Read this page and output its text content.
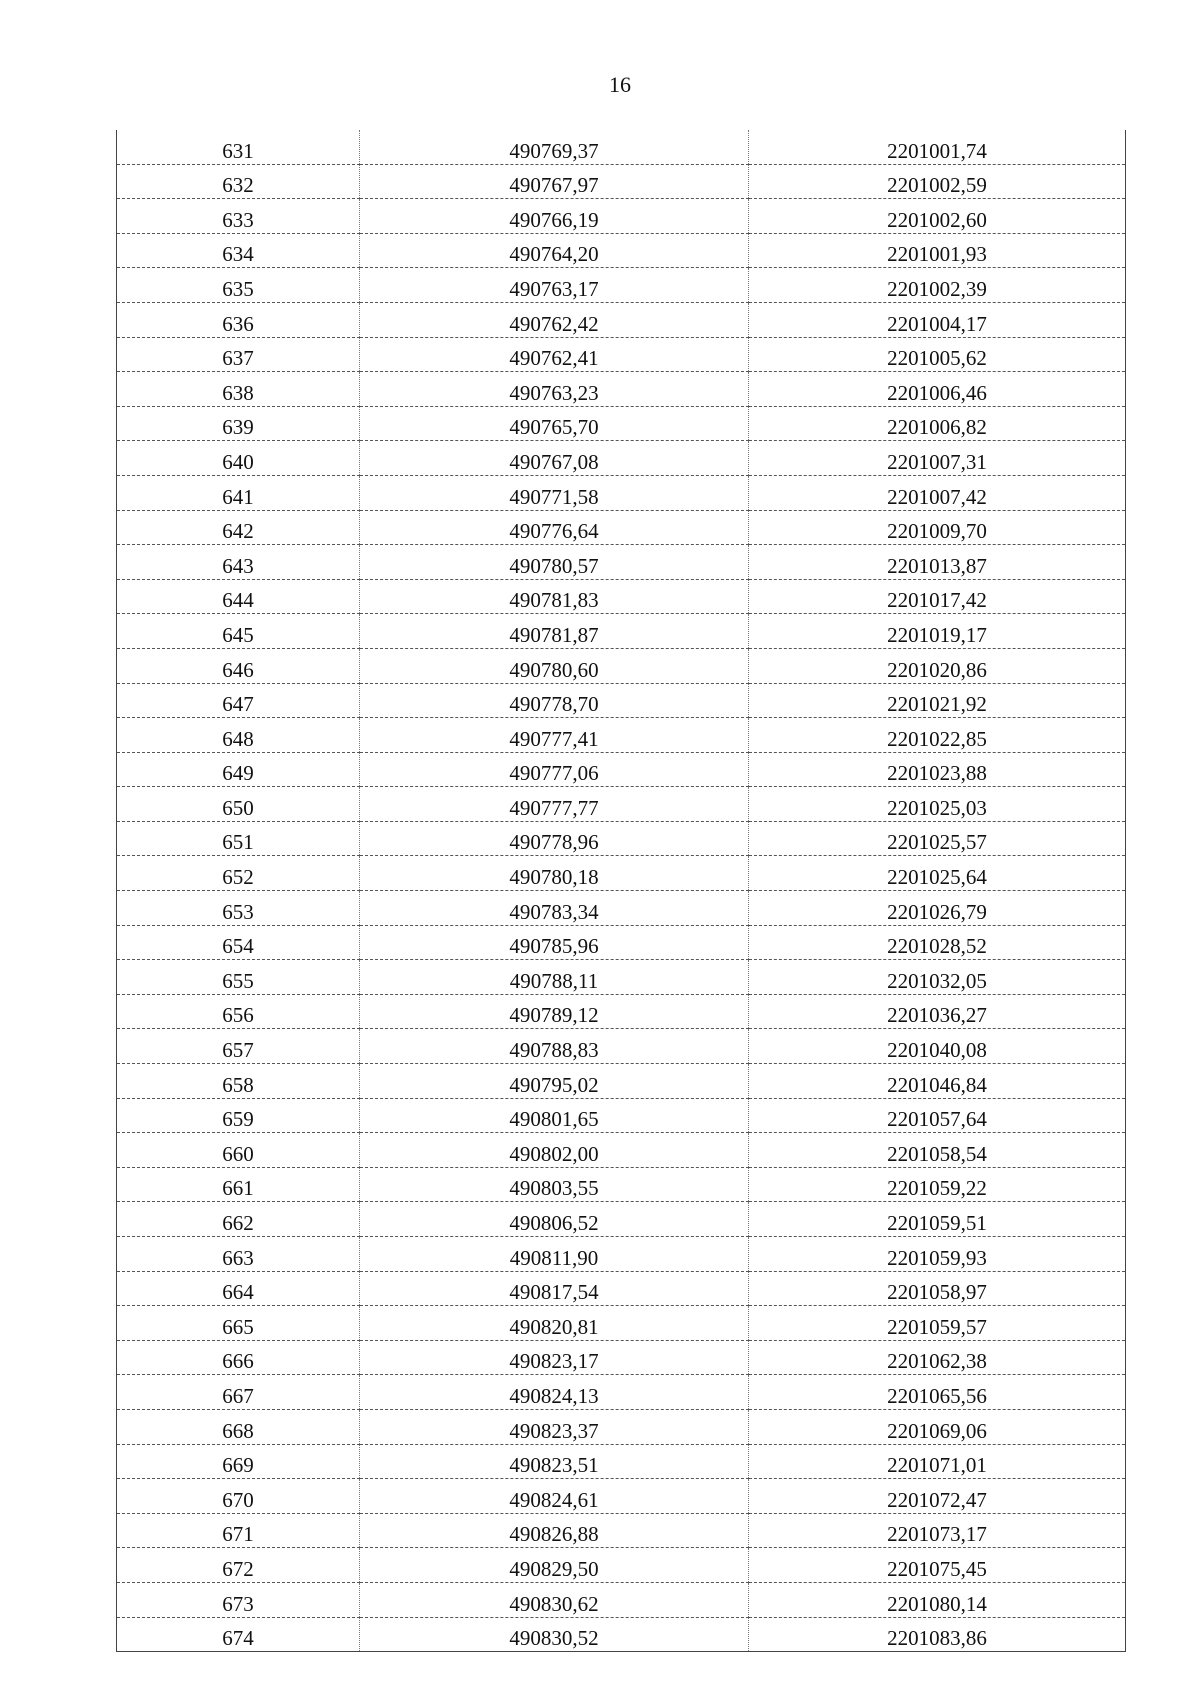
16
631	490769,37	2201001,74
632	490767,97	2201002,59
633	490766,19	2201002,60
634	490764,20	2201001,93
635	490763,17	2201002,39
636	490762,42	2201004,17
637	490762,41	2201005,62
638	490763,23	2201006,46
639	490765,70	2201006,82
640	490767,08	2201007,31
641	490771,58	2201007,42
642	490776,64	2201009,70
643	490780,57	2201013,87
644	490781,83	2201017,42
645	490781,87	2201019,17
646	490780,60	2201020,86
647	490778,70	2201021,92
648	490777,41	2201022,85
649	490777,06	2201023,88
650	490777,77	2201025,03
651	490778,96	2201025,57
652	490780,18	2201025,64
653	490783,34	2201026,79
654	490785,96	2201028,52
655	490788,11	2201032,05
656	490789,12	2201036,27
657	490788,83	2201040,08
658	490795,02	2201046,84
659	490801,65	2201057,64
660	490802,00	2201058,54
661	490803,55	2201059,22
662	490806,52	2201059,51
663	490811,90	2201059,93
664	490817,54	2201058,97
665	490820,81	2201059,57
666	490823,17	2201062,38
667	490824,13	2201065,56
668	490823,37	2201069,06
669	490823,51	2201071,01
670	490824,61	2201072,47
671	490826,88	2201073,17
672	490829,50	2201075,45
673	490830,62	2201080,14
674	490830,52	2201083,86
